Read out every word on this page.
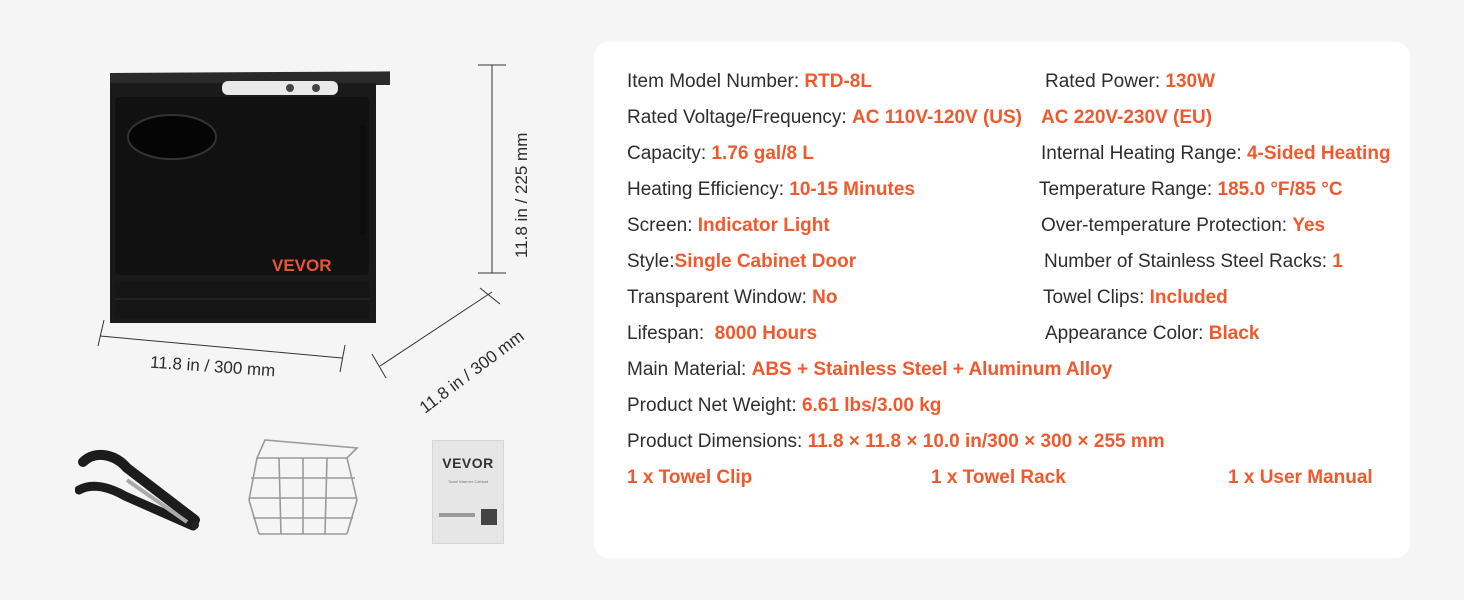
VEVOR
11.8 in / 300 mm
11.8 in / 225 mm
11.8 in / 300 mm
VEVOR
Towel Warmer Cabinet
Item Model Number: RTD-8L
Rated Voltage/Frequency: AC 110V-120V (US)
Capacity: 1.76 gal/8 L
Heating Efficiency: 10-15 Minutes
Screen: Indicator Light
Style:Single Cabinet Door
Transparent Window: No
Lifespan:  8000 Hours
Main Material: ABS + Stainless Steel + Aluminum Alloy
Product Net Weight: 6.61 lbs/3.00 kg
Product Dimensions: 11.8 × 11.8 × 10.0 in/300 × 300 × 255 mm
Rated Power: 130W
AC 220V-230V (EU)
Internal Heating Range: 4-Sided Heating
Temperature Range: 185.0 °F/85 °C
Over-temperature Protection: Yes
Number of Stainless Steel Racks: 1
Towel Clips: Included
Appearance Color: Black
1 x Towel Clip	1 x Towel Rack	1 x User Manual
